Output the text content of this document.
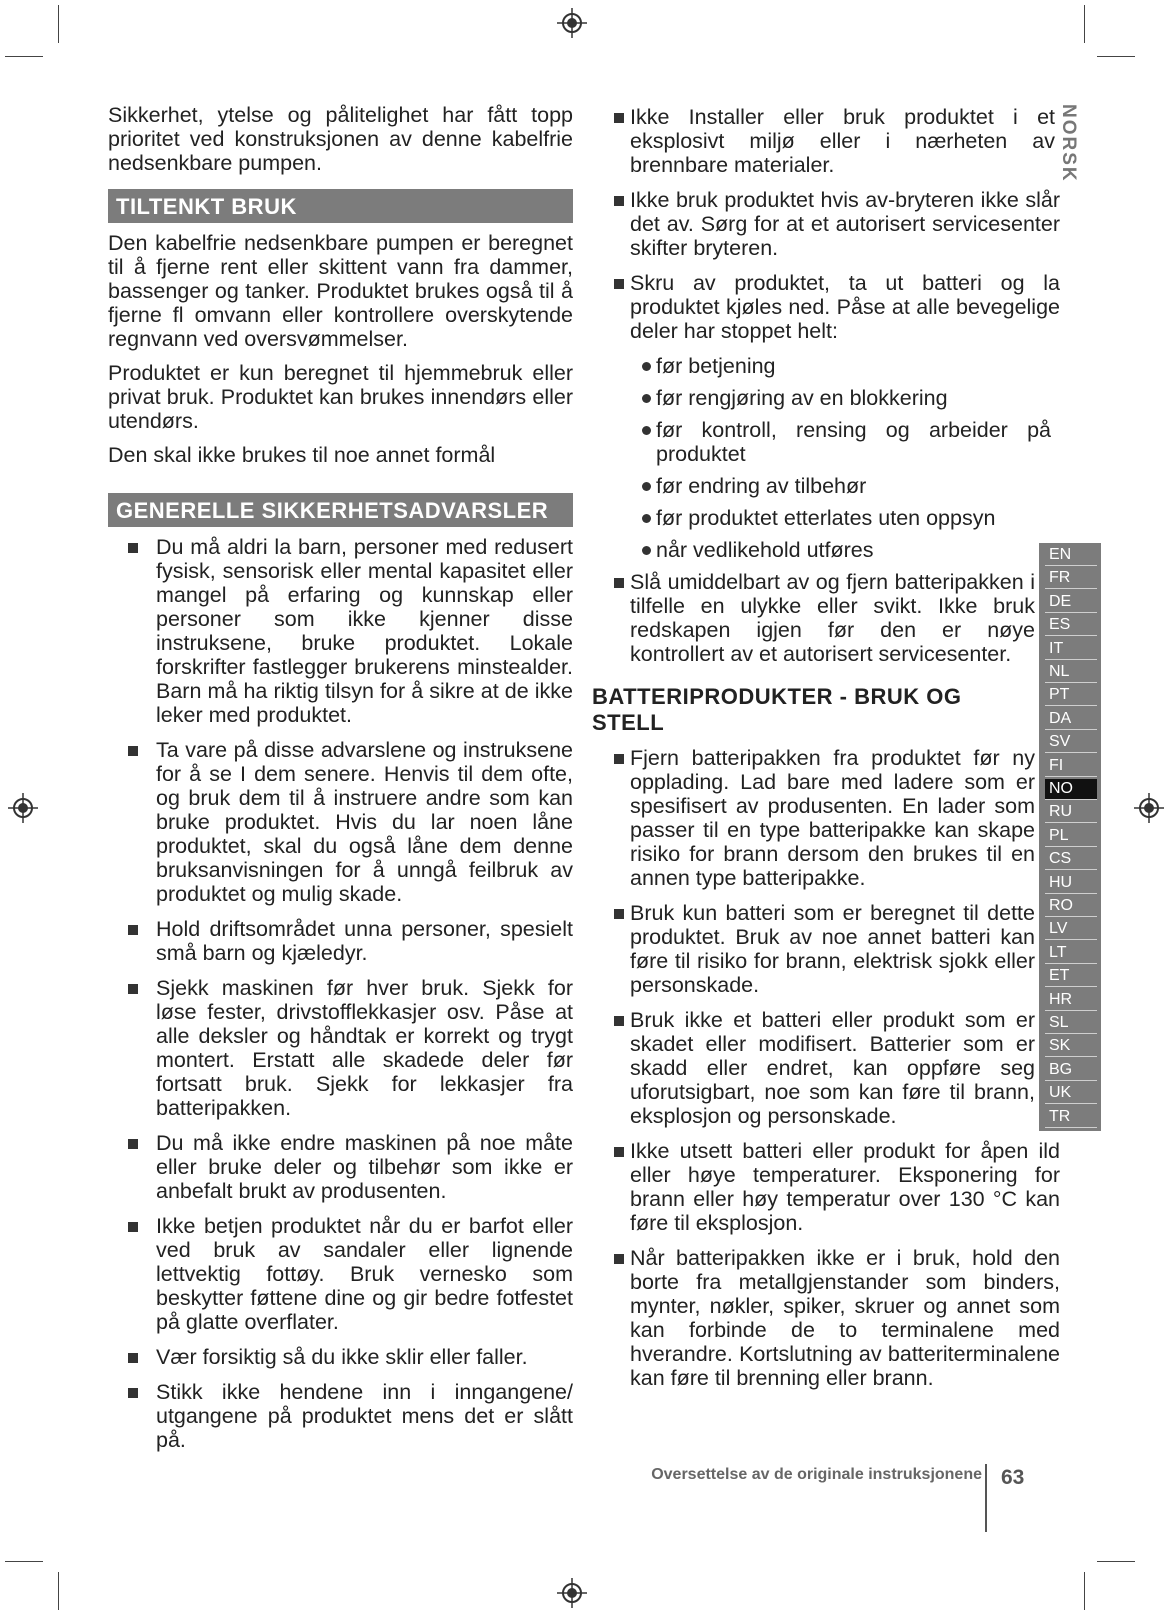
Sikkerhet, ytelse og pålitelighet har fått topp prioritet ved konstruksjonen av denne kabelfrie nedsenkbare pumpen.

TILTENKT BRUK

Den kabelfrie nedsenkbare pumpen er beregnet til å fjerne rent eller skittent vann fra dammer, bassenger og tanker. Produktet brukes også til å fjerne fl omvann eller kontrollere overskytende regnvann ved oversvømmelser.

Produktet er kun beregnet til hjemmebruk eller privat bruk. Produktet kan brukes innendørs eller utendørs.

Den skal ikke brukes til noe annet formål

GENERELLE SIKKERHETSADVARSLER

Du må aldri la barn, personer med redusert fysisk, sensorisk eller mental kapasitet eller mangel på erfaring og kunnskap eller personer som ikke kjenner disse instruksene, bruke produktet. Lokale forskrifter fastlegger brukerens minstealder. Barn må ha riktig tilsyn for å sikre at de ikke leker med produktet.

Ta vare på disse advarslene og instruksene for å se I dem senere. Henvis til dem ofte, og bruk dem til å instruere andre som kan bruke produktet. Hvis du lar noen låne produktet, skal du også låne dem denne bruksanvisningen for å unngå feilbruk av produktet og mulig skade.

Hold driftsområdet unna personer, spesielt små barn og kjæledyr.

Sjekk maskinen før hver bruk. Sjekk for løse fester, drivstofflekkasjer osv. Påse at alle deksler og håndtak er korrekt og trygt montert. Erstatt alle skadede deler før fortsatt bruk. Sjekk for lekkasjer fra batteripakken.

Du må ikke endre maskinen på noe måte eller bruke deler og tilbehør som ikke er anbefalt brukt av produsenten.

Ikke betjen produktet når du er barfot eller ved bruk av sandaler eller lignende lettvektig fottøy. Bruk vernesko som beskytter føttene dine og gir bedre fotfestet på glatte overflater.

Vær forsiktig så du ikke sklir eller faller.

Stikk ikke hendene inn i inngangene/ utgangene på produktet mens det er slått på.

Ikke Installer eller bruk produktet i et eksplosivt miljø eller i nærheten av brennbare materialer.

Ikke bruk produktet hvis av-bryteren ikke slår det av. Sørg for at et autorisert servicesenter skifter bryteren.

Skru av produktet, ta ut batteri og la produktet kjøles ned. Påse at alle bevegelige deler har stoppet helt:

før betjening

før rengjøring av en blokkering

før kontroll, rensing og arbeider på produktet

før endring av tilbehør

før produktet etterlates uten oppsyn

når vedlikehold utføres

Slå umiddelbart av og fjern batteripakken i tilfelle en ulykke eller svikt. Ikke bruk redskapen igjen før den er nøye kontrollert av et autorisert servicesenter.

BATTERIPRODUKTER - BRUK OG STELL

Fjern batteripakken fra produktet før ny opplading. Lad bare med ladere som er spesifisert av produsenten. En lader som passer til en type batteripakke kan skape risiko for brann dersom den brukes til en annen type batteripakke.

Bruk kun batteri som er beregnet til dette produktet. Bruk av noe annet batteri kan føre til risiko for brann, elektrisk sjokk eller personskade.

Bruk ikke et batteri eller produkt som er skadet eller modifisert. Batterier som er skadd eller endret, kan oppføre seg uforutsigbart, noe som kan føre til brann, eksplosjon og personskade.

Ikke utsett batteri eller produkt for åpen ild eller høye temperaturer. Eksponering for brann eller høy temperatur over 130 °C kan føre til eksplosjon.

Når batteripakken ikke er i bruk, hold den borte fra metallgjenstander som binders, mynter, nøkler, spiker, skruer og annet som kan forbinde de to terminalene med hverandre. Kortslutning av batteriterminalene kan føre til brenning eller brann.

NORSK
EN
FR
DE
ES
IT
NL
PT
DA
SV
FI
NO
RU
PL
CS
HU
RO
LV
LT
ET
HR
SL
SK
BG
UK
TR
Oversettelse av de originale instruksjonene 63
